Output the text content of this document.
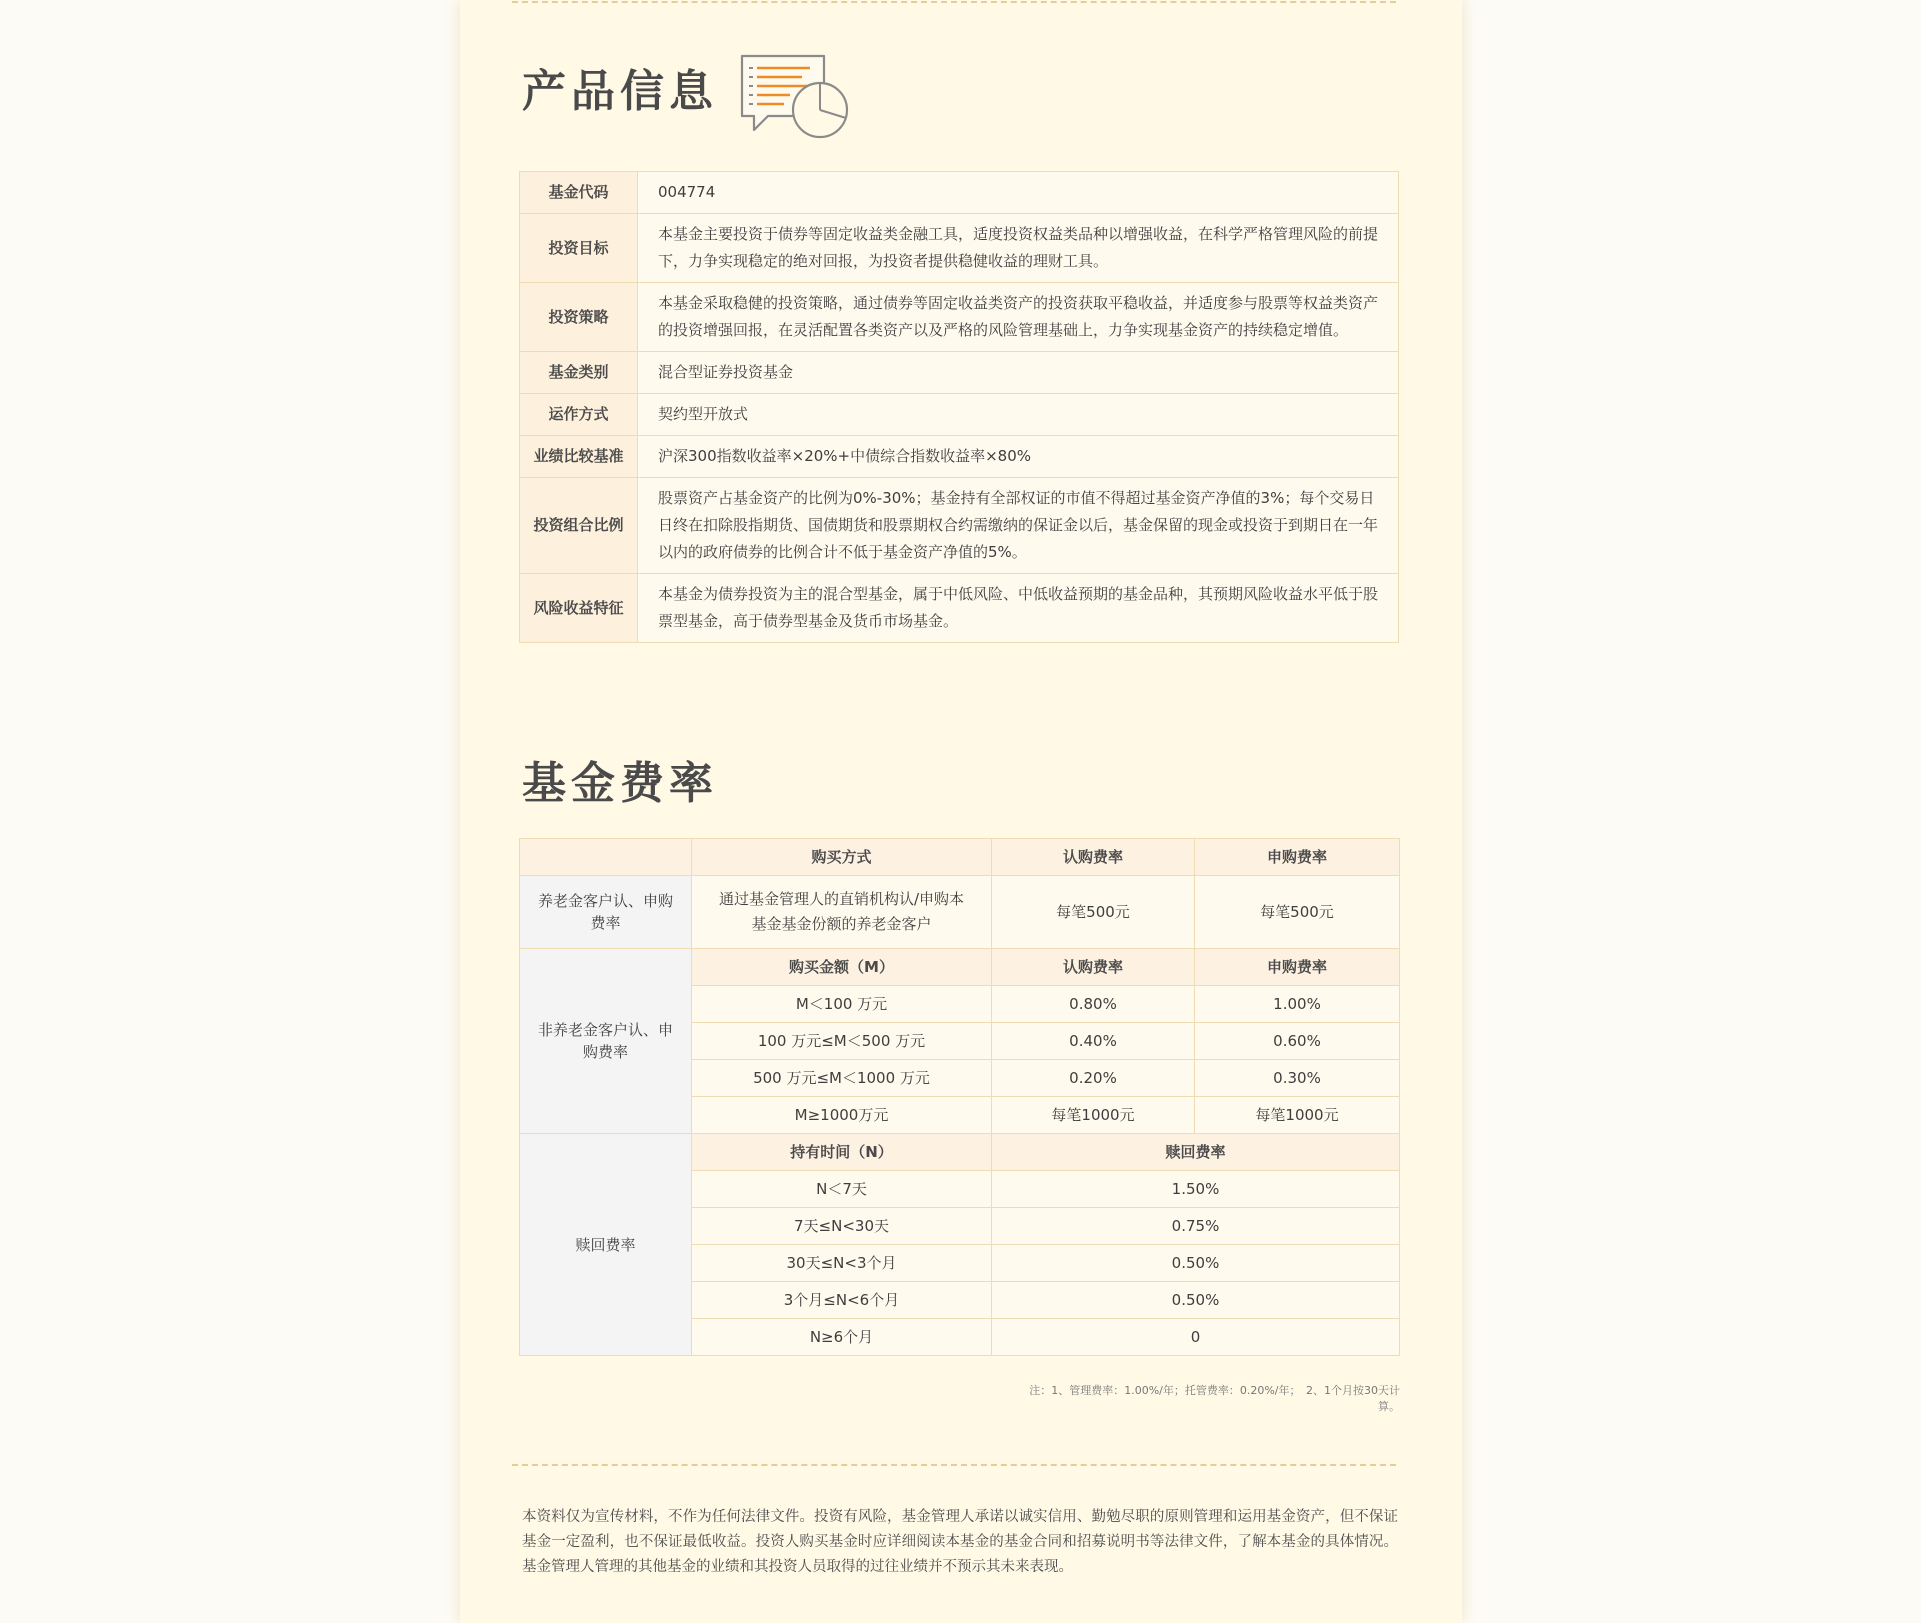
产品信息
基金代码	004774
投资目标	本基金主要投资于债券等固定收益类金融工具，适度投资权益类品种以增强收益，在科学严格管理风险的前提下，力争实现稳定的绝对回报，为投资者提供稳健收益的理财工具。
投资策略	本基金采取稳健的投资策略，通过债券等固定收益类资产的投资获取平稳收益，并适度参与股票等权益类资产的投资增强回报，在灵活配置各类资产以及严格的风险管理基础上，力争实现基金资产的持续稳定增值。
基金类别	混合型证券投资基金
运作方式	契约型开放式
业绩比较基准	沪深300指数收益率×20%+中债综合指数收益率×80%
投资组合比例	股票资产占基金资产的比例为0%-30%；基金持有全部权证的市值不得超过基金资产净值的3%；每个交易日日终在扣除股指期货、国债期货和股票期权合约需缴纳的保证金以后，基金保留的现金或投资于到期日在一年以内的政府债券的比例合计不低于基金资产净值的5%。
风险收益特征	本基金为债券投资为主的混合型基金，属于中低风险、中低收益预期的基金品种，其预期风险收益水平低于股票型基金，高于债券型基金及货币市场基金。
基金费率
	购买方式	认购费率	申购费率
养老金客户认、申购费率	通过基金管理人的直销机构认/申购本基金基金份额的养老金客户	每笔500元	每笔500元
非养老金客户认、申购费率	购买金额（M）	认购费率	申购费率
	M＜100 万元	0.80%	1.00%
	100 万元≤M＜500 万元	0.40%	0.60%
	500 万元≤M＜1000 万元	0.20%	0.30%
	M≥1000万元	每笔1000元	每笔1000元
赎回费率	持有时间（N）	赎回费率	
	N＜7天	1.50%	
	7天≤N<30天	0.75%	
	30天≤N<3个月	0.50%	
	3个月≤N<6个月	0.50%	
	N≥6个月	0	

注：1、管理费率：1.00%/年；托管费率：0.20%/年；　2、1个月按30天计算。

本资料仅为宣传材料，不作为任何法律文件。投资有风险，基金管理人承诺以诚实信用、勤勉尽职的原则管理和运用基金资产，但不保证基金一定盈利，也不保证最低收益。投资人购买基金时应详细阅读本基金的基金合同和招募说明书等法律文件，了解本基金的具体情况。基金管理人管理的其他基金的业绩和其投资人员取得的过往业绩并不预示其未来表现。
